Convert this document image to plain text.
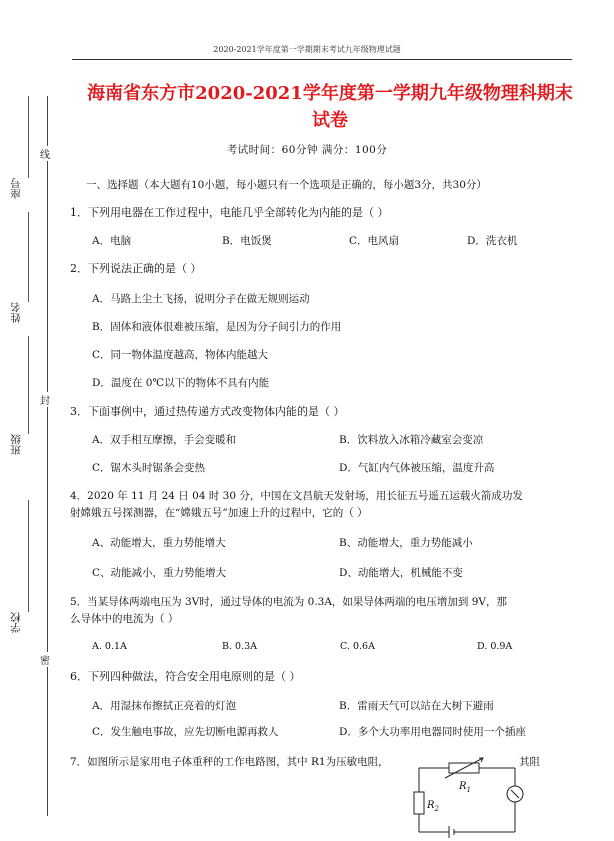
2020-2021学年度第一学期期末考试九年级物理试题
座号
姓名
班级
学校
线
封
密
海南省东方市2020-2021学年度第一学期九年级物理科期末
试卷
考试时间：60分钟 满分：100分
一、选择题（本大题有10小题，每小题只有一个选项是正确的，每小题3分，共30分）
1．下列用电器在工作过程中，电能几乎全部转化为内能的是（ ）
A．电脑	B．电饭煲	C．电风扇	D．洗衣机
2．下列说法正确的是（ ）
A．马路上尘土飞扬，说明分子在做无规则运动
B．固体和液体很难被压缩，是因为分子间引力的作用
C．同一物体温度越高，物体内能越大
D．温度在 0℃以下的物体不具有内能
3．下面事例中，通过热传递方式改变物体内能的是（ ）
A．双手相互摩擦，手会变暖和	B．饮料放入冰箱冷藏室会变凉
C．锯木头时锯条会变热	D．气缸内气体被压缩，温度升高
4．2020 年 11 月 24 日 04 时 30 分，中国在文昌航天发射场，用长征五号遥五运载火箭成功发
射嫦娥五号探测器，在“嫦娥五号”加速上升的过程中，它的（ ）
A、动能增大，重力势能增大	B、动能增大，重力势能减小
C、动能减小，重力势能增大	D、动能增大，机械能不变
5．当某导体两端电压为 3V时，通过导体的电流为 0.3A，如果导体两端的电压增加到 9V，那
么导体中的电流为（ ）
A. 0.1A	B. 0.3A	C. 0.6A	D. 0.9A
6．下列四种做法，符合安全用电原则的是（ ）
A．用湿抹布擦拭正亮着的灯泡	B．雷雨天气可以站在大树下避雨
C．发生触电事故，应先切断电源再救人	D．多个大功率用电器同时使用一个插座
7．如图所示是家用电子体重秤的工作电路图，其中 R1为压敏电阻，	其阻
$R_1$
$R_2$
